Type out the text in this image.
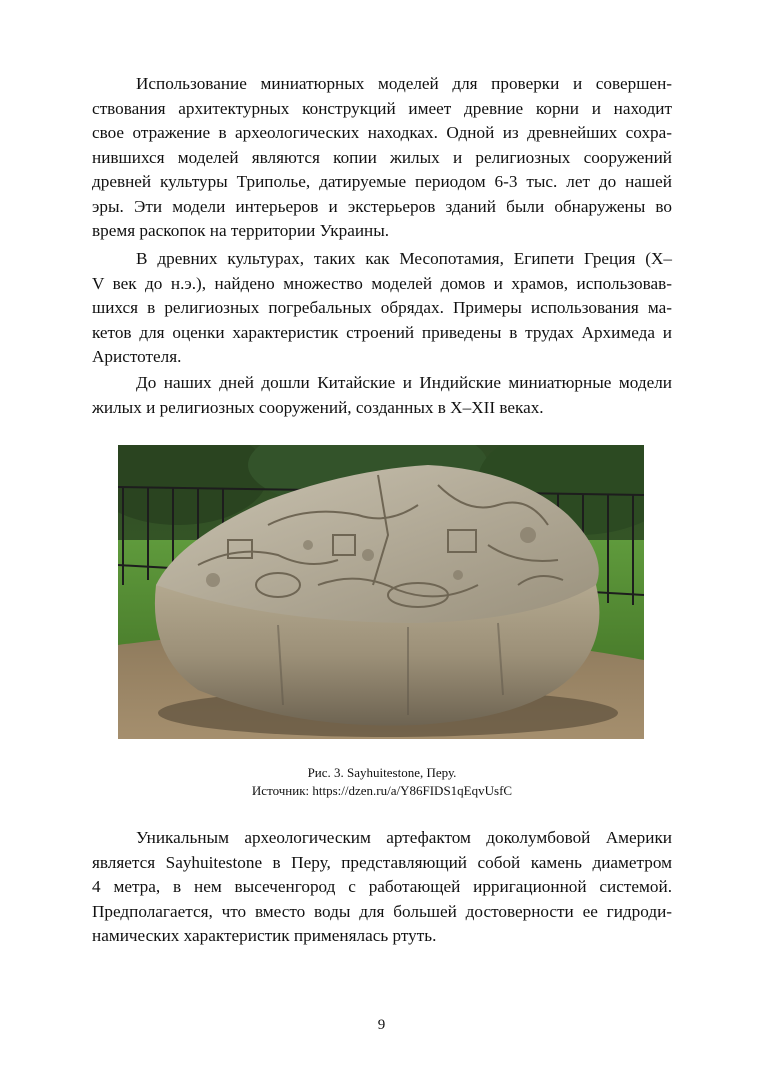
Использование миниатюрных моделей для проверки и совершен-
ствования архитектурных конструкций имеет древние корни и находит
свое отражение в археологических находках. Одной из древнейших сохра-
нившихся моделей являются копии жилых и религиозных сооружений
древней культуры Триполье, датируемые периодом 6-3 тыс. лет до нашей
эры. Эти модели интерьеров и экстерьеров зданий были обнаружены во
время раскопок на территории Украины.
В древних культурах, таких как Месопотамия, Египети Греция (X–
V век до н.э.), найдено множество моделей домов и храмов, использовав-
шихся в религиозных погребальных обрядах. Примеры использования ма-
кетов для оценки характеристик строений приведены в трудах Архимеда и
Аристотеля.
До наших дней дошли Китайские и Индийские миниатюрные модели
жилых и религиозных сооружений, созданных в X–XII веках.
Рис. 3. Sayhuitestone, Перу.
Источник: https://dzen.ru/a/Y86FIDS1qEqvUsfC
Уникальным археологическим артефактом доколумбовой Америки
является Sayhuitestone в Перу, представляющий собой камень диаметром
4 метра, в нем высеченгород с работающей ирригационной системой.
Предполагается, что вместо воды для большей достоверности ее гидроди-
намических характеристик применялась ртуть.
9
